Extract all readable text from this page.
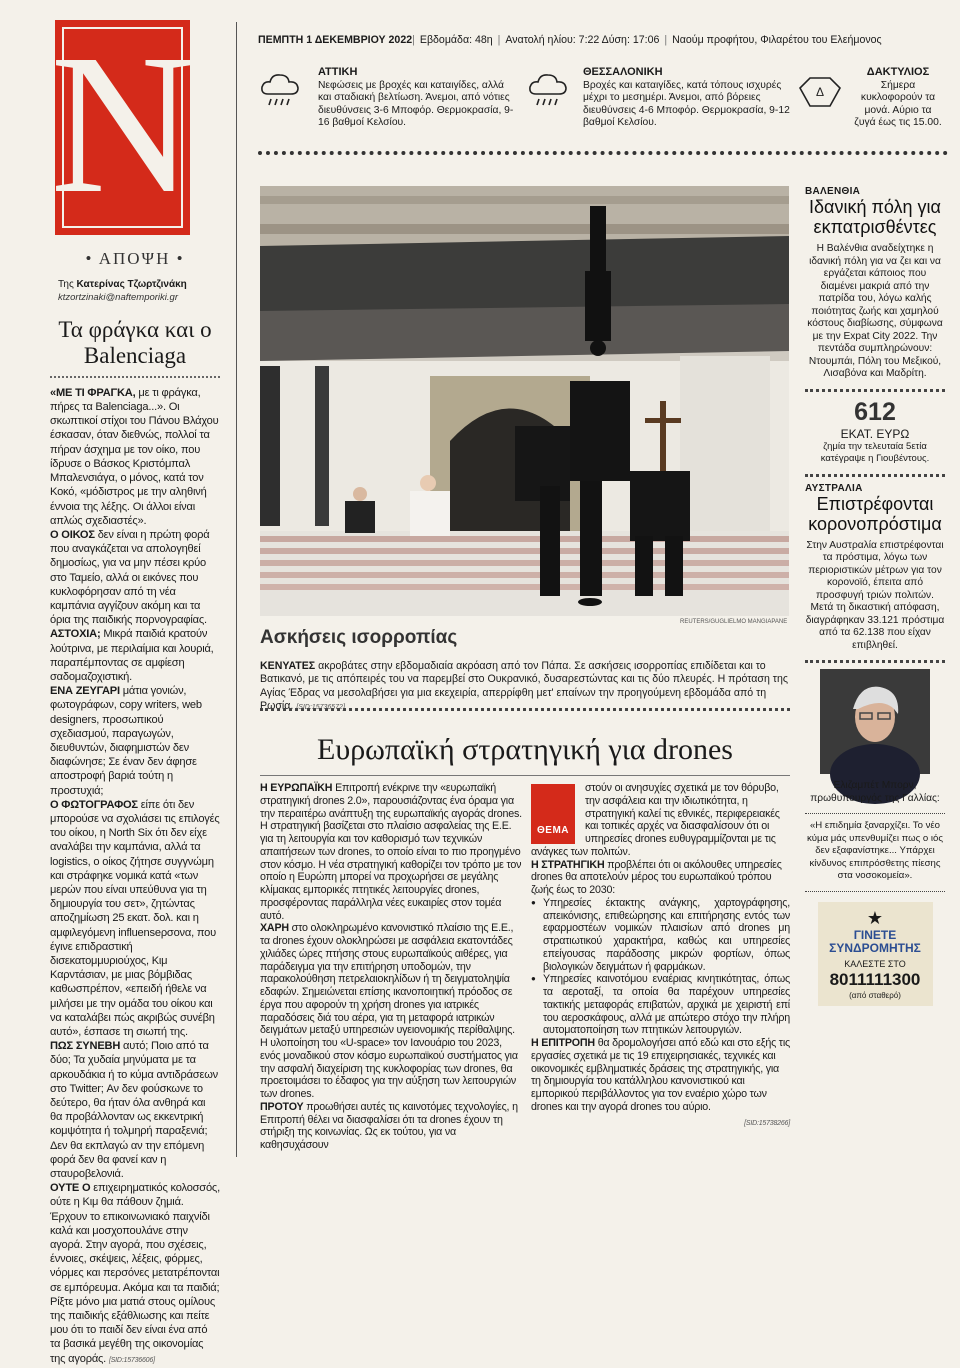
N
• ΑΠΟΨΗ •
Της Κατερίνας Τζωρτζινάκη
ktzortzinaki@naftemporiki.gr
Τα φράγκα και ο Balenciaga

«ΜΕ ΤΙ ΦΡΑΓΚΑ, με τι φράγκα, πήρες τα Balenciaga...». Οι σκωπτικοί στίχοι του Πάνου Βλάχου έσκασαν, όταν διεθνώς, πολλοί τα πήραν άσχημα με τον οίκο, που ίδρυσε ο Βάσκος Κριστόμπαλ Μπαλενσιάγα, ο μόνος, κατά τον Κοκό, «μόδιστρος με την αληθινή έννοια της λέξης. Οι άλλοι είναι απλώς σχεδιαστές».

Ο ΟΙΚΟΣ δεν είναι η πρώτη φορά που αναγκάζεται να απολογηθεί δημοσίως, για να μην πέσει κρύο στο Ταμείο, αλλά οι εικόνες που κυκλοφόρησαν από τη νέα καμπάνια αγγίζουν ακόμη και τα όρια της παιδικής πορνογραφίας.

ΑΣΤΟΧΙΑ; Μικρά παιδιά κρατούν λούτρινα, με περιλαίμια και λουριά, παραπέμποντας σε αμφίεση σαδομαζοχιστική.

ΕΝΑ ΖΕΥΓΑΡΙ μάτια γονιών, φωτογράφων, copy writers, web designers, προσωπικού σχεδιασμού, παραγωγών, διευθυντών, διαφημιστών δεν διαφώνησε; Σε έναν δεν άφησε αποστροφή βαριά τούτη η προστυχιά;

Ο ΦΩΤΟΓΡΑΦΟΣ είπε ότι δεν μπορούσε να σχολιάσει τις επιλογές του οίκου, η North Six ότι δεν είχε αναλάβει την καμπάνια, αλλά τα logistics, ο οίκος ζήτησε συγγνώμη και στράφηκε νομικά κατά «των μερών που είναι υπεύθυνα για τη δημιουργία του σετ», ζητώντας αποζημίωση 25 εκατ. δολ. και η αμφιλεγόμενη influenseρσονα, που έγινε επιδραστική δισεκατομμυριούχος, Κιμ Καρντάσιαν, με μιας βόμβιδας καθωσπρέπον, «επειδή ήθελε να μιλήσει με την ομάδα του οίκου και να καταλάβει πώς ακριβώς συνέβη αυτό», έσπασε τη σιωπή της.

ΠΩΣ ΣΥΝΕΒΗ αυτό; Ποιο από τα δύο; Τα χυδαία μηνύματα με τα αρκουδάκια ή το κύμα αντιδράσεων στο Twitter; Αν δεν φούσκωνε το δεύτερο, θα ήταν όλα ανθηρά και θα προβάλλονταν ως εκκεντρική κομψότητα ή τολμηρή παραξενιά; Δεν θα εκπλαγώ αν την επόμενη φορά δεν θα φανεί καν η σταυροβελονιά.

ΟΥΤΕ Ο επιχειρηματικός κολοσσός, ούτε η Κιμ θα πάθουν ζημιά. Έρχουν το επικοινωνιακό παιχνίδι καλά και μοσχοπουλάνε στην αγορά. Στην αγορά, που σχέσεις, έννοιες, σκέψεις, λέξεις, φόρμες, νόρμες και περσόνες μετατρέπονται σε εμπόρευμα. Ακόμα και τα παιδιά; Ρίξτε μόνο μια ματιά στους ομίλους της παιδικής εξάθλιωσης και πείτε μου ότι το παιδί δεν είναι ένα από τα βασικά μεγέθη της οικονομίας της αγοράς. [SID:15736606]

ΠΕΜΠΤΗ 1 ΔΕΚΕΜΒΡΙΟΥ 2022| Εβδομάδα: 48η | Ανατολή ηλίου: 7:22 Δύση: 17:06 | Ναούμ προφήτου, Φιλαρέτου του Ελεήμονος
ΑΤΤΙΚΗ
Νεφώσεις με βροχές και καταιγίδες, αλλά και σταδιακή βελτίωση. Άνεμοι, από νότιες διευθύνσεις 3-6 Μποφόρ. Θερμοκρασία, 9-16 βαθμοί Κελσίου.
ΘΕΣΣΑΛΟΝΙΚΗ
Βροχές και καταιγίδες, κατά τόπους ισχυρές μέχρι το μεσημέρι. Άνεμοι, από βόρειες διευθύνσεις 4-6 Μποφόρ. Θερμοκρασία, 9-12 βαθμοί Κελσίου.
Δ
ΔΑΚΤΥΛΙΟΣ
Σήμερα κυκλοφορούν τα μονά. Αύριο τα ζυγά έως τις 15.00.
REUTERS/GUGLIELMO MANGIAPANE
Ασκήσεις ισορροπίας
ΚΕΝΥΑΤΕΣ ακροβάτες στην εβδομαδιαία ακρόαση από τον Πάπα. Σε ασκήσεις ισορροπίας επιδίδεται και το Βατικανό, με τις απόπειρές του να παρεμβεί στο Ουκρανικό, δυσαρεστώντας και τις δύο πλευρές. Η πρόταση της Αγίας Έδρας να μεσολαβήσει για μια εκεχειρία, απερρίφθη μετ' επαίνων την προηγούμενη εβδομάδα από τη Ρωσία. [SID:15736572]
Ευρωπαϊκή στρατηγική για drones

Η ΕΥΡΩΠΑΪΚΗ Επιτροπή ενέκρινε την «ευρωπαϊκή στρατηγική drones 2.0», παρουσιάζοντας ένα όραμα για την περαιτέρω ανάπτυξη της ευρωπαϊκής αγοράς drones. Η στρατηγική βασίζεται στο πλαίσιο ασφαλείας της Ε.Ε. για τη λειτουργία και τον καθορισμό των τεχνικών απαιτήσεων των drones, το οποίο είναι το πιο προηγμένο στον κόσμο. Η νέα στρατηγική καθορίζει τον τρόπο με τον οποίο η Ευρώπη μπορεί να προχωρήσει σε μεγάλης κλίμακας εμπορικές πτητικές λειτουργίες drones, προσφέροντας παράλληλα νέες ευκαιρίες στον τομέα αυτό.

ΧΑΡΗ στο ολοκληρωμένο κανονιστικό πλαίσιο της Ε.Ε., τα drones έχουν ολοκληρώσει με ασφάλεια εκατοντάδες χιλιάδες ώρες πτήσης στους ευρωπαϊκούς αιθέρες, για παράδειγμα για την επιτήρηση υποδομών, την παρακολούθηση πετρελαιοκηλίδων ή τη δειγματοληψία εδαφών. Σημειώνεται επίσης ικανοποιητική πρόοδος σε έργα που αφορούν τη χρήση drones για ιατρικές παραδόσεις διά του αέρα, για τη μεταφορά ιατρικών δειγμάτων μεταξύ υπηρεσιών υγειονομικής περίθαλψης. Η υλοποίηση του «U-space» τον Ιανουάριο του 2023, ενός μοναδικού στον κόσμο ευρωπαϊκού συστήματος για την ασφαλή διαχείριση της κυκλοφορίας των drones, θα προετοιμάσει το έδαφος για την αύξηση των λειτουργιών των drones.

ΠΡΟΤΟΥ προωθήσει αυτές τις καινοτόμες τεχνολογίες, η Επιτροπή θέλει να διασφαλίσει ότι τα drones έχουν τη στήριξη της κοινωνίας. Ως εκ τούτου, για να καθησυχάσουν

ΘΕΜΑ

στούν οι ανησυχίες σχετικά με τον θόρυβο, την ασφάλεια και την ιδιωτικότητα, η στρατηγική καλεί τις εθνικές, περιφερειακές και τοπικές αρχές να διασφαλίσουν ότι οι υπηρεσίες drones ευθυγραμμίζονται με τις ανάγκες των πολιτών.

Η ΣΤΡΑΤΗΓΙΚΗ προβλέπει ότι οι ακόλουθες υπηρεσίες drones θα αποτελούν μέρος του ευρωπαϊκού τρόπου ζωής έως το 2030:

● Υπηρεσίες έκτακτης ανάγκης, χαρτογράφησης, απεικόνισης, επιθεώρησης και επιτήρησης εντός των εφαρμοστέων νομικών πλαισίων από drones μη στρατιωτικού χαρακτήρα, καθώς και υπηρεσίες επείγουσας παράδοσης μικρών φορτίων, όπως βιολογικών δειγμάτων ή φαρμάκων.
● Υπηρεσίες καινοτόμου εναέριας κινητικότητας, όπως τα αεροταξί, τα οποία θα παρέχουν υπηρεσίες τακτικής μεταφοράς επιβατών, αρχικά με χειριστή επί του αεροσκάφους, αλλά με απώτερο στόχο την πλήρη αυτοματοποίηση των πτητικών λειτουργιών.

Η ΕΠΙΤΡΟΠΗ θα δρομολογήσει από εδώ και στο εξής τις εργασίες σχετικά με τις 19 επιχειρησιακές, τεχνικές και οικονομικές εμβληματικές δράσεις της στρατηγικής, για τη δημιουργία του κατάλληλου κανονιστικού και εμπορικού περιβάλλοντος για τον εναέριο χώρο των drones και την αγορά drones του αύριο.

[SID:15738266]
ΒΑΛΕΝΘΙΑ
Ιδανική πόλη για εκπατρισθέντες
Η Βαλένθια αναδείχτηκε η ιδανική πόλη για να ζει και να εργάζεται κάποιος που διαμένει μακριά από την πατρίδα του, λόγω καλής ποιότητας ζωής και χαμηλού κόστους διαβίωσης, σύμφωνα με την Expat City 2022. Την πεντάδα συμπληρώνουν: Ντουμπάι, Πόλη του Μεξικού, Λισαβόνα και Μαδρίτη.
612
ΕΚΑΤ. ΕΥΡΩ
ζημία την τελευταία 5ετία κατέγραψε η Γιουβέντους.
ΑΥΣΤΡΑΛΙΑ
Επιστρέφονται κορονοπρόστιμα
Στην Αυστραλία επιστρέφονται τα πρόστιμα, λόγω των περιοριστικών μέτρων για τον κορονοϊό, έπειτα από προσφυγή τριών πολιτών. Μετά τη δικαστική απόφαση, διαγράφηκαν 33.121 πρόστιμα από τα 62.138 που είχαν επιβληθεί.
Ελιζαμπέτ Μπορν, πρωθυπουργός της Γαλλίας:
«Η επιδημία ξαναρχίζει. Το νέο κύμα μάς υπενθυμίζει πως ο ιός δεν εξαφανίστηκε... Υπάρχει κίνδυνος επιπρόσθετης πίεσης στα νοσοκομεία».
★
ΓΙΝΕΤΕ ΣΥΝΔΡΟΜΗΤΗΣ
ΚΑΛΕΣΤΕ ΣΤΟ
8011111300
(από σταθερό)
